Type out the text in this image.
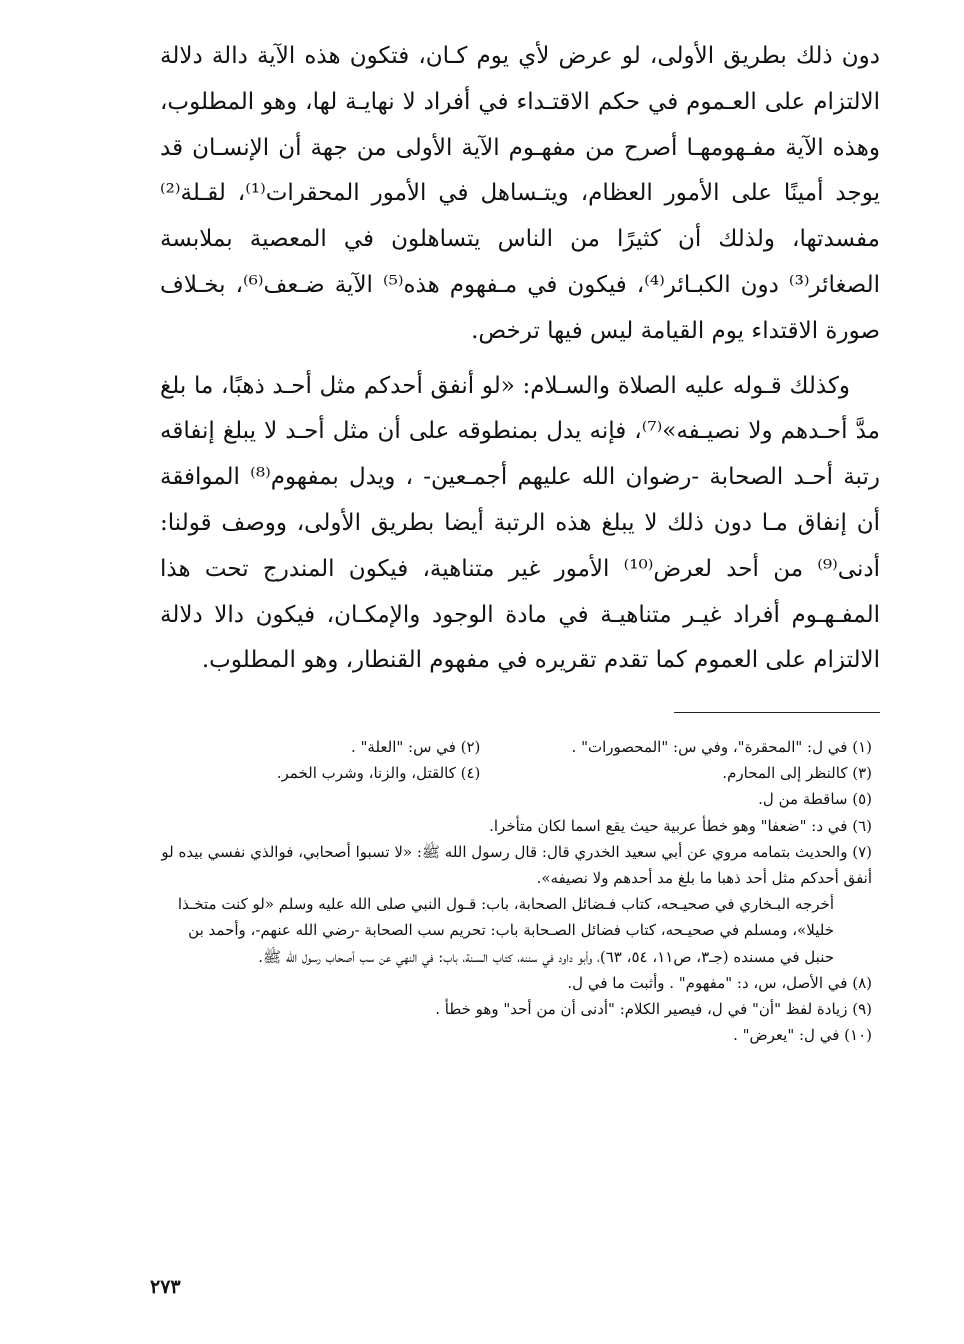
دون ذلك بطريق الأولى، لو عرض لأي يوم كـان، فتكون هذه الآية دالة دلالة الالتزام على العـموم في حكم الاقتـداء في أفراد لا نهايـة لها، وهو المطلوب، وهذه الآية مفـهومهـا أصرح من مفهـوم الآية الأولى من جهة أن الإنسـان قد يوجد أمينًا على الأمور العظام، ويتـساهل في الأمور المحقرات⁽¹⁾، لقـلة⁽²⁾ مفسدتها، ولذلك أن كثيرًا من الناس يتساهلون في المعصية بملابسة الصغائر⁽³⁾ دون الكبـائر⁽⁴⁾، فيكون في مـفهوم هذه⁽⁵⁾ الآية ضـعف⁽⁶⁾، بخـلاف صورة الاقتداء يوم القيامة ليس فيها ترخص.

وكذلك قـوله عليه الصلاة والسـلام: «لو أنفق أحدكم مثل أحـد ذهبًا، ما بلغ مدَّ أحـدهم ولا نصيـفه»⁽⁷⁾، فإنه يدل بمنطوقه على أن مثل أحـد لا يبلغ إنفاقه رتبة أحـد الصحابة -رضوان الله عليهم أجمـعين- ، ويدل بمفهوم⁽⁸⁾ الموافقة أن إنفاق مـا دون ذلك لا يبلغ هذه الرتبة أيضا بطريق الأولى، ووصف قولنا: أدنى⁽⁹⁾ من أحد لعرض⁽¹⁰⁾ الأمور غير متناهية، فيكون المندرج تحت هذا المفـهـوم أفراد غيـر متناهيـة في مادة الوجود والإمكـان، فيكون دالا دلالة الالتزام على العموم كما تقدم تقريره في مفهوم القنطار، وهو المطلوب.

(١) في ل: "المحقرة"، وفي س: "المحصورات" .
(٢) في س: "العلة" .
(٣) كالنظر إلى المحارم.
(٤) كالقتل، والزنا، وشرب الخمر.

(٥) ساقطة من ل.

(٦) في د: "ضعفا" وهو خطأ عربية حيث يقع اسما لكان متأخرا.

(٧) والحديث بتمامه مروي عن أبي سعيد الخدري قال: قال رسول الله ﷺ: «لا تسبوا أصحابي، فوالذي نفسي بيده لو أنفق أحدكم مثل أحد ذهبا ما بلغ مد أحدهم ولا نصيفه».

أخرجه البـخاري في صحيـحه، كتاب فـضائل الصحابة، باب: قـول النبي صلى الله عليه وسلم «لو كنت متخـذا خليلا»، ومسلم في صحيـحه، كتاب فضائل الصـحابة باب: تحريم سب الصحابة -رضي الله عنهم-، وأحمد بن حنبل في مسنده (جـ٣، ص١١، ٥٤، ٦٣)، وأبو داود في سننه، كتاب السـنة، باب: في النهي عن سب أصحاب رسول الله ﷺ.

(٨) في الأصل، س، د: "مفهوم" . وأثبت ما في ل.

(٩) زيادة لفظ "أن" في ل، فيصير الكلام: "أدنى أن من أحد" وهو خطأ .

(١٠) في ل: "يعرض" .

٢٧٣
